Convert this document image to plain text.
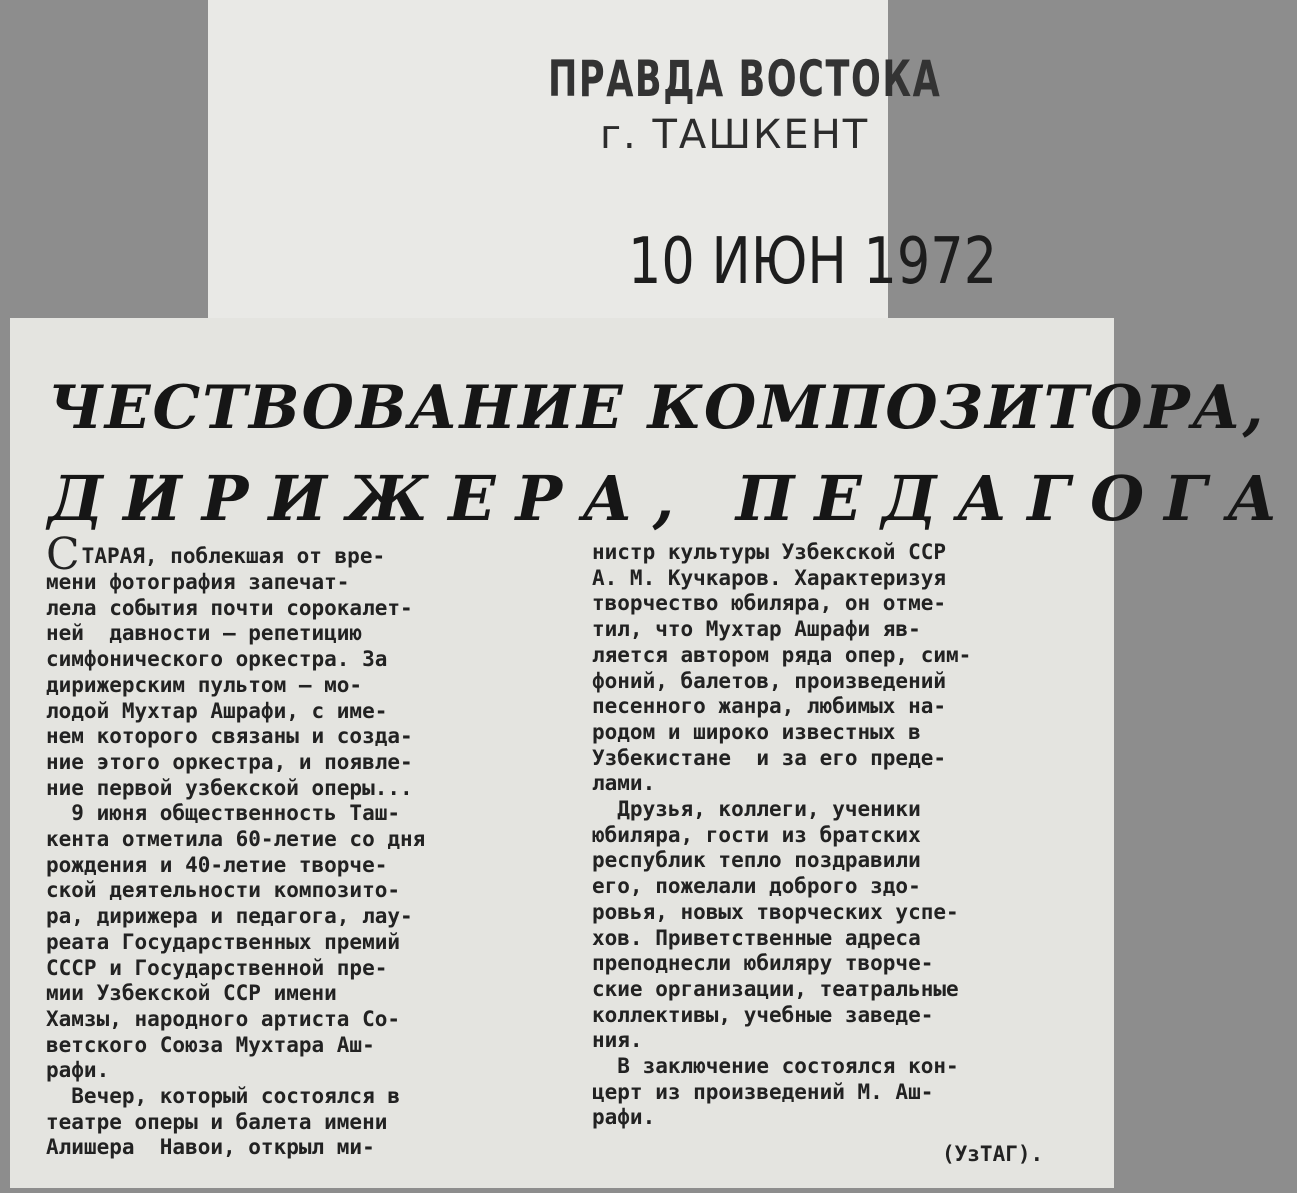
ПРАВДА ВОСТОКА
г. ТАШКЕНТ
10 ИЮН 1972
ЧЕСТВОВАНИЕ КОМПОЗИТОРА,
ДИРИЖЕРА, ПЕДАГОГА
СТАРАЯ, поблекшая от вре-
мени фотография запечат-
лела события почти сорокалет-
ней  давности — репетицию
симфонического оркестра. За
дирижерским пультом — мо-
лодой Мухтар Ашрафи, с име-
нем которого связаны и созда-
ние этого оркестра, и появле-
ние первой узбекской оперы...
9 июня общественность Таш-
кента отметила 60-летие со дня
рождения и 40-летие творче-
ской деятельности композито-
ра, дирижера и педагога, лау-
реата Государственных премий
СССР и Государственной пре-
мии Узбекской ССР имени
Хамзы, народного артиста Со-
ветского Союза Мухтара Аш-
рафи.
Вечер, который состоялся в
театре оперы и балета имени
Алишера  Навои, открыл ми-
нистр культуры Узбекской ССР
А. М. Кучкаров. Характеризуя
творчество юбиляра, он отме-
тил, что Мухтар Ашрафи яв-
ляется автором ряда опер, сим-
фоний, балетов, произведений
песенного жанра, любимых на-
родом и широко известных в
Узбекистане  и за его преде-
лами.
Друзья, коллеги, ученики
юбиляра, гости из братских
республик тепло поздравили
его, пожелали доброго здо-
ровья, новых творческих успе-
хов. Приветственные адреса
преподнесли юбиляру творче-
ские организации, театральные
коллективы, учебные заведе-
ния.
В заключение состоялся кон-
церт из произведений М. Аш-
рафи.
(УзТАГ).
